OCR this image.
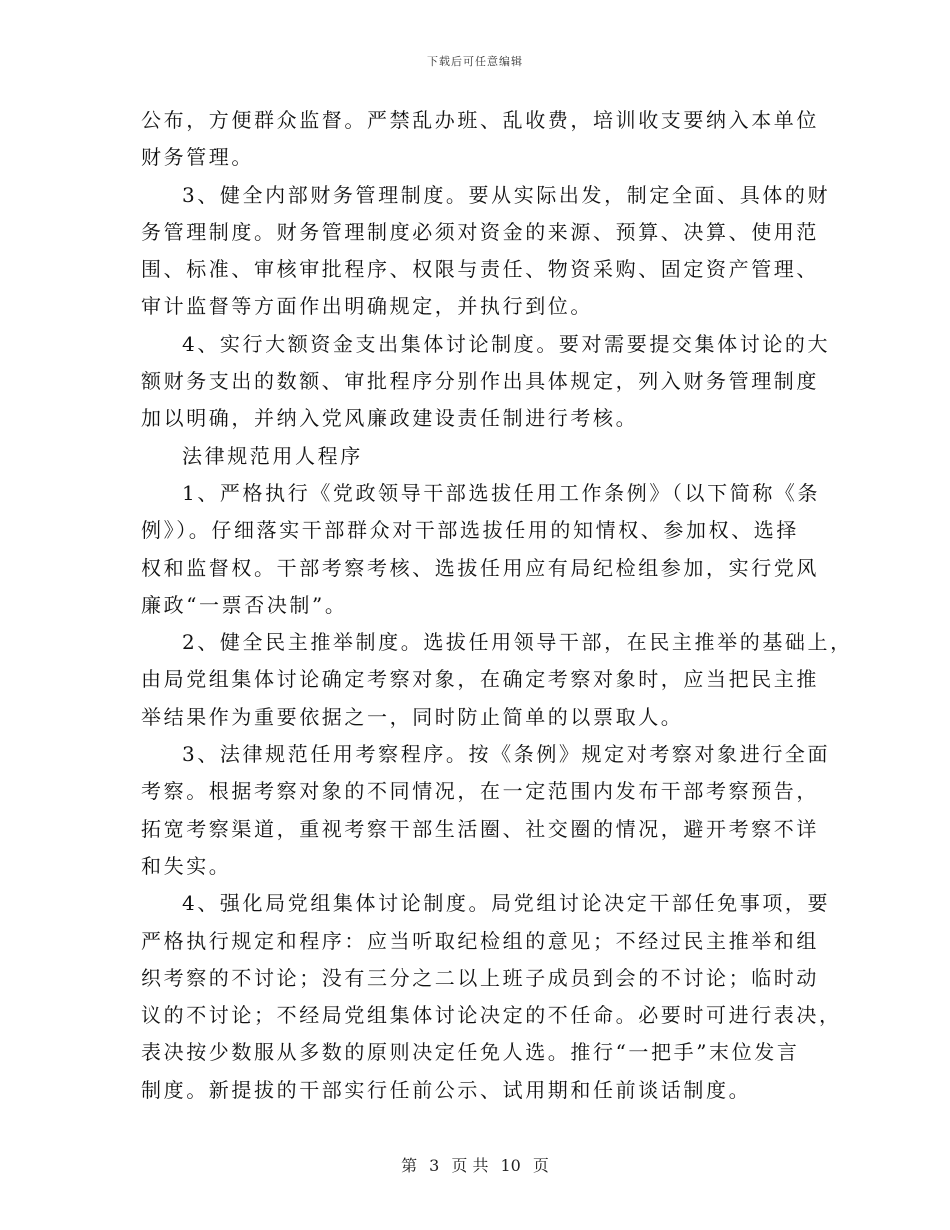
下载后可任意编辑
公布，方便群众监督。严禁乱办班、乱收费，培训收支要纳入本单位
财务管理。
3、健全内部财务管理制度。要从实际出发，制定全面、具体的财
务管理制度。财务管理制度必须对资金的来源、预算、决算、使用范
围、标准、审核审批程序、权限与责任、物资采购、固定资产管理、
审计监督等方面作出明确规定，并执行到位。
4、实行大额资金支出集体讨论制度。要对需要提交集体讨论的大
额财务支出的数额、审批程序分别作出具体规定，列入财务管理制度
加以明确，并纳入党风廉政建设责任制进行考核。
法律规范用人程序
1、严格执行《党政领导干部选拔任用工作条例》（以下简称《条
例》）。仔细落实干部群众对干部选拔任用的知情权、参加权、选择
权和监督权。干部考察考核、选拔任用应有局纪检组参加，实行党风
廉政“一票否决制”。
2、健全民主推举制度。选拔任用领导干部，在民主推举的基础上，
由局党组集体讨论确定考察对象，在确定考察对象时，应当把民主推
举结果作为重要依据之一，同时防止简单的以票取人。
3、法律规范任用考察程序。按《条例》规定对考察对象进行全面
考察。根据考察对象的不同情况，在一定范围内发布干部考察预告，
拓宽考察渠道，重视考察干部生活圈、社交圈的情况，避开考察不详
和失实。
4、强化局党组集体讨论制度。局党组讨论决定干部任免事项，要
严格执行规定和程序：应当听取纪检组的意见；不经过民主推举和组
织考察的不讨论；没有三分之二以上班子成员到会的不讨论；临时动
议的不讨论；不经局党组集体讨论决定的不任命。必要时可进行表决，
表决按少数服从多数的原则决定任免人选。推行“一把手”末位发言
制度。新提拔的干部实行任前公示、试用期和任前谈话制度。
第 3 页 共 10 页
